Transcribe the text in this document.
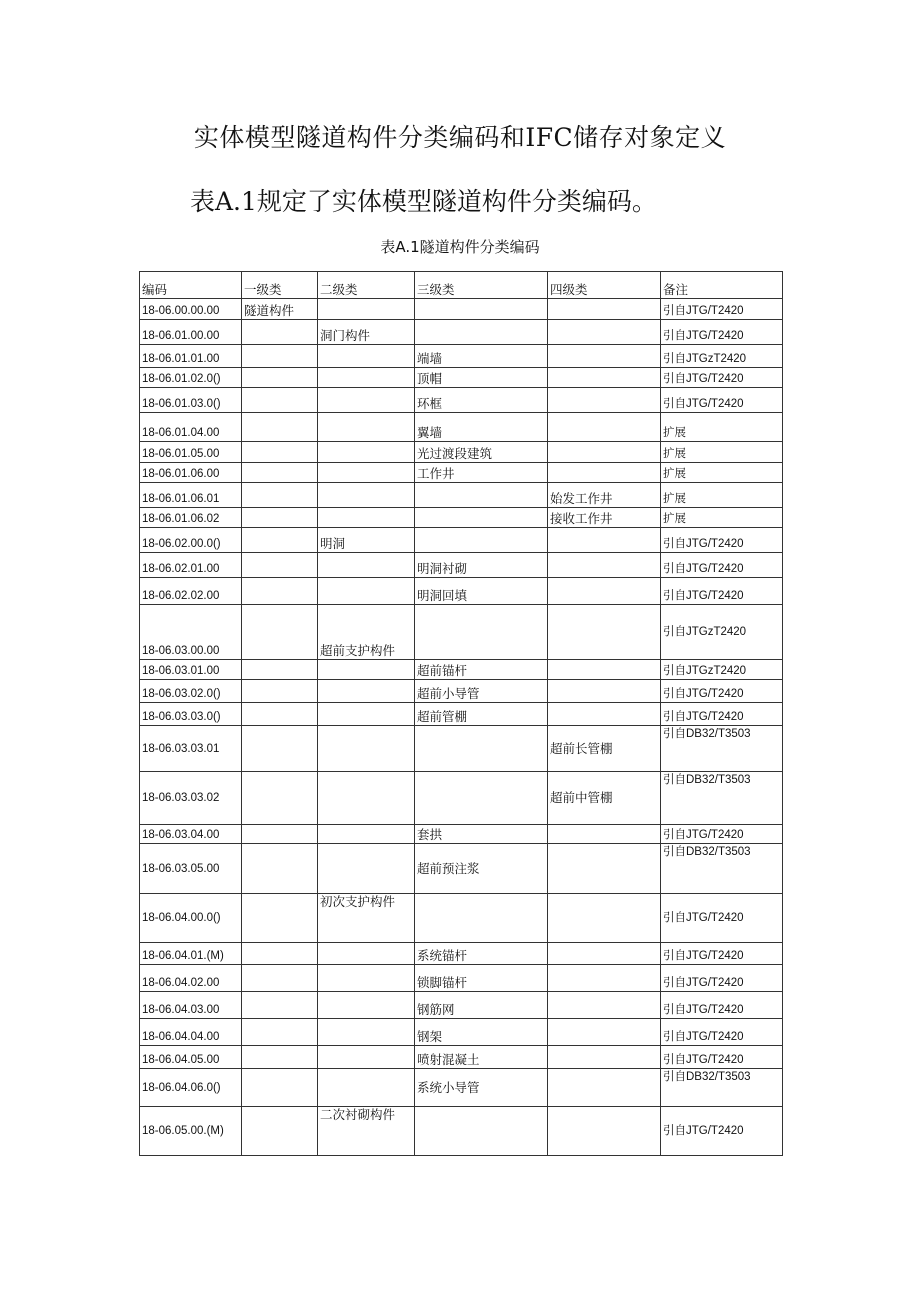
实体模型隧道构件分类编码和IFC储存对象定义
表A.1规定了实体模型隧道构件分类编码。
表A.1隧道构件分类编码
编码	一级类	二级类	三级类	四级类	备注
18-06.00.00.00	隧道构件				引自JTG/T2420
18-06.01.00.00		洞门构件			引自JTG/T2420
18-06.01.01.00			端墙		引自JTGzT2420
18-06.01.02.0()			顶帽		引自JTG/T2420
18-06.01.03.0()			环框		引自JTG/T2420
18-06.01.04.00			翼墙		扩展
18-06.01.05.00			光过渡段建筑		扩展
18-06.01.06.00			工作井		扩展
18-06.01.06.01				始发工作井	扩展
18-06.01.06.02				接收工作井	扩展
18-06.02.00.0()		明洞			引自JTG/T2420
18-06.02.01.00			明洞衬砌		引自JTG/T2420
18-06.02.02.00			明洞回填		引自JTG/T2420
18-06.03.00.00		超前支护构件			引自JTGzT2420
18-06.03.01.00			超前锚杆		引自JTGzT2420
18-06.03.02.0()			超前小导管		引自JTG/T2420
18-06.03.03.0()			超前管棚		引自JTG/T2420
18-06.03.03.01				超前长管棚	引自DB32/T3503
18-06.03.03.02				超前中管棚	引自DB32/T3503
18-06.03.04.00			套拱		引自JTG/T2420
18-06.03.05.00			超前预注浆		引自DB32/T3503
18-06.04.00.0()		初次支护构件			引自JTG/T2420
18-06.04.01.(M)			系统锚杆		引自JTG/T2420
18-06.04.02.00			锁脚锚杆		引自JTG/T2420
18-06.04.03.00			钢筋网		引自JTG/T2420
18-06.04.04.00			钢架		引自JTG/T2420
18-06.04.05.00			喷射混凝土		引自JTG/T2420
18-06.04.06.0()			系统小导管		引自DB32/T3503
18-06.05.00.(M)		二次衬砌构件			引自JTG/T2420
